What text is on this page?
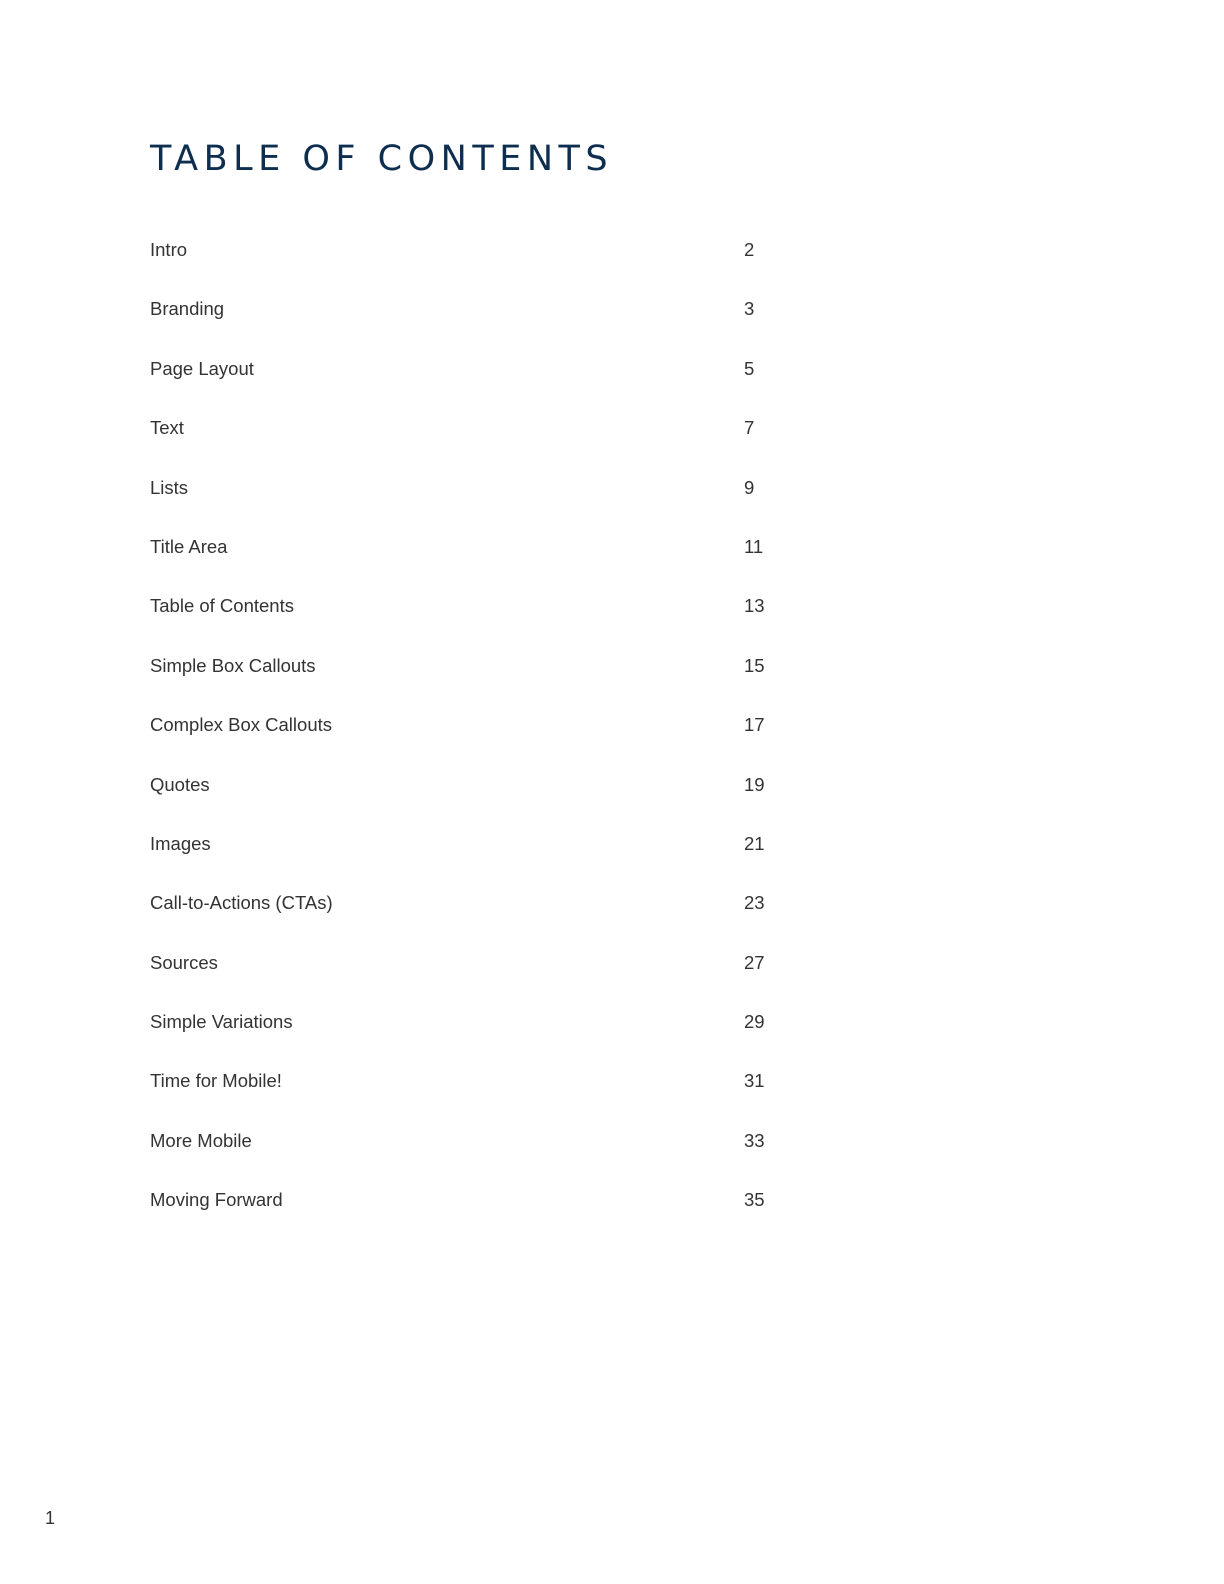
TABLE OF CONTENTS
Intro	2
Branding	3
Page Layout	5
Text	7
Lists	9
Title Area	11
Table of Contents	13
Simple Box Callouts	15
Complex Box Callouts	17
Quotes	19
Images	21
Call-to-Actions (CTAs)	23
Sources	27
Simple Variations	29
Time for Mobile!	31
More Mobile	33
Moving Forward	35
1
